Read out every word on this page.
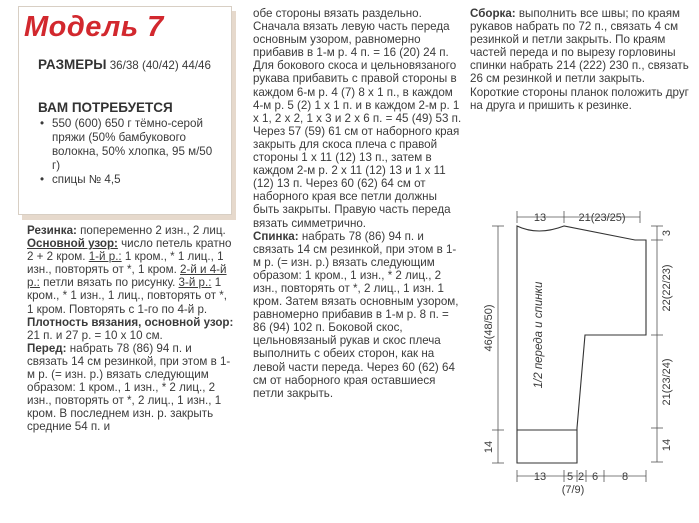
Модель 7
РАЗМЕРЫ 36/38 (40/42) 44/46
ВАМ ПОТРЕБУЕТСЯ
• 550 (600) 650 г тёмно-серой пряжи (50% бамбукового волокна, 50% хлопка, 95 м/50 г)
• спицы № 4,5

Резинка: попеременно 2 изн., 2 лиц.

Основной узор: число петель кратно 2 + 2 кром. 1-й р.: 1 кром., * 1 лиц., 1 изн., повторять от *, 1 кром. 2-й и 4-й р.: петли вязать по рисунку. 3-й р.: 1 кром., * 1 изн., 1 лиц., повторять от *, 1 кром. Повторять с 1-го по 4-й р.

Плотность вязания, основной узор: 21 п. и 27 р. = 10 х 10 см.

Перед: набрать 78 (86) 94 п. и связать 14 см резинкой, при этом в 1-м р. (= изн. р.) вязать следующим образом: 1 кром., 1 изн., * 2 лиц., 2 изн., повторять от *, 2 лиц., 1 изн., 1 кром. В последнем изн. р. закрыть средние 54 п. и

обе стороны вязать раздельно. Сначала вязать левую часть переда основным узором, равномерно прибавив в 1-м р. 4 п. = 16 (20) 24 п. Для бокового скоса и цельновязаного рукава прибавить с правой стороны в каждом 6-м р. 4 (7) 8 х 1 п., в каждом 4-м р. 5 (2) 1 х 1 п. и в каждом 2-м р. 1 х 1, 2 х 2, 1 х 3 и 2 х 6 п. = 45 (49) 53 п. Через 57 (59) 61 см от наборного края закрыть для скоса плеча с правой стороны 1 х 11 (12) 13 п., затем в каждом 2-м р. 2 х 11 (12) 13 и 1 х 11 (12) 13 п. Через 60 (62) 64 см от наборного края все петли должны быть закрыты. Правую часть переда вязать симметрично.

Спинка: набрать 78 (86) 94 п. и связать 14 см резинкой, при этом в 1-м р. (= изн. р.) вязать следующим образом: 1 кром., 1 изн., * 2 лиц., 2 изн., повторять от *, 2 лиц., 1 изн. 1 кром. Затем вязать основным узором, равномерно прибавив в 1-м р. 8 п. = 86 (94) 102 п. Боковой скос, цельновязаный рукав и скос плеча выполнить с обеих сторон, как на левой части переда. Через 60 (62) 64 см от наборного края оставшиеся петли закрыть.

Сборка: выполнить все швы; по краям рукавов набрать по 72 п., связать 4 см резинкой и петли закрыть. По краям частей переда и по вырезу горловины спинки набрать 214 (222) 230 п., связать 26 см резинкой и петли закрыть. Короткие стороны планок положить друг на друга и пришить к резинке.

13	21(23/25)
3
22(22/23)
21(23/24)
14
46(48/50)
14
1/2 переда и спинки
13 5 2 6 8
(7/9)
